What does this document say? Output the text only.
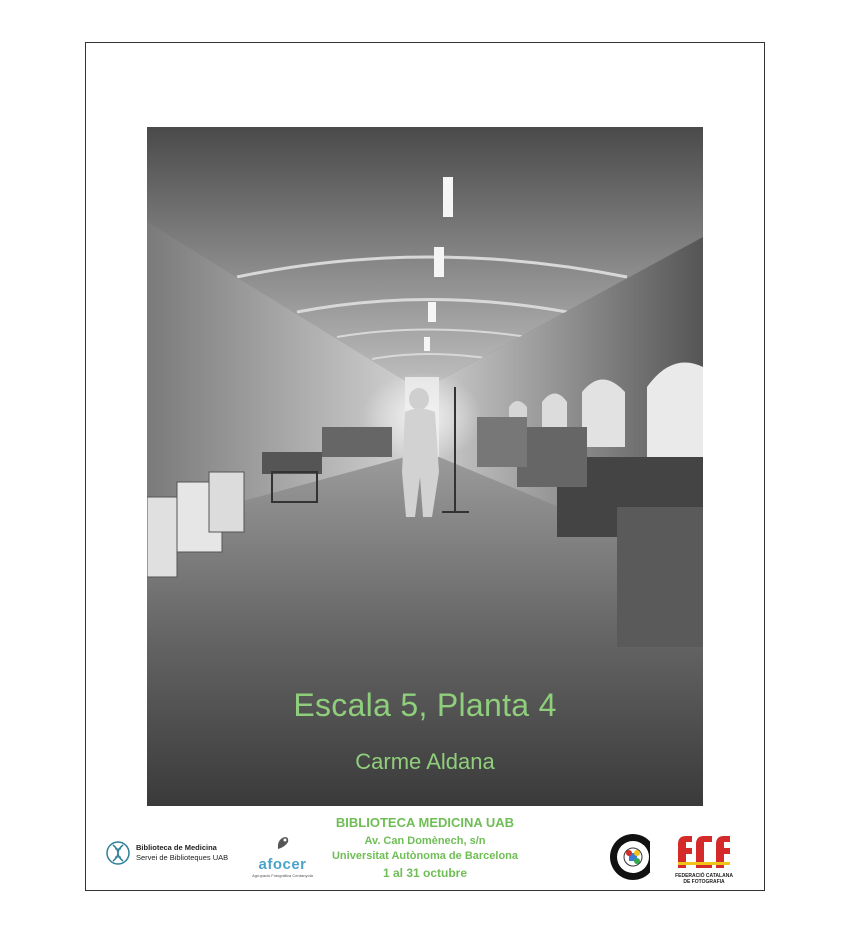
Escala 5, Planta 4
Carme Aldana
BIBLIOTECA MEDICINA UAB
Av. Can Domènech, s/n
Universitat Autònoma de Barcelona
1 al 31 octubre
Biblioteca de Medicina
Servei de Biblioteques UAB	afocer
Agrupació Fotogràfica Cerdanyola	FEDERACIÓ CATALANA DE FOTOGRAFIA
